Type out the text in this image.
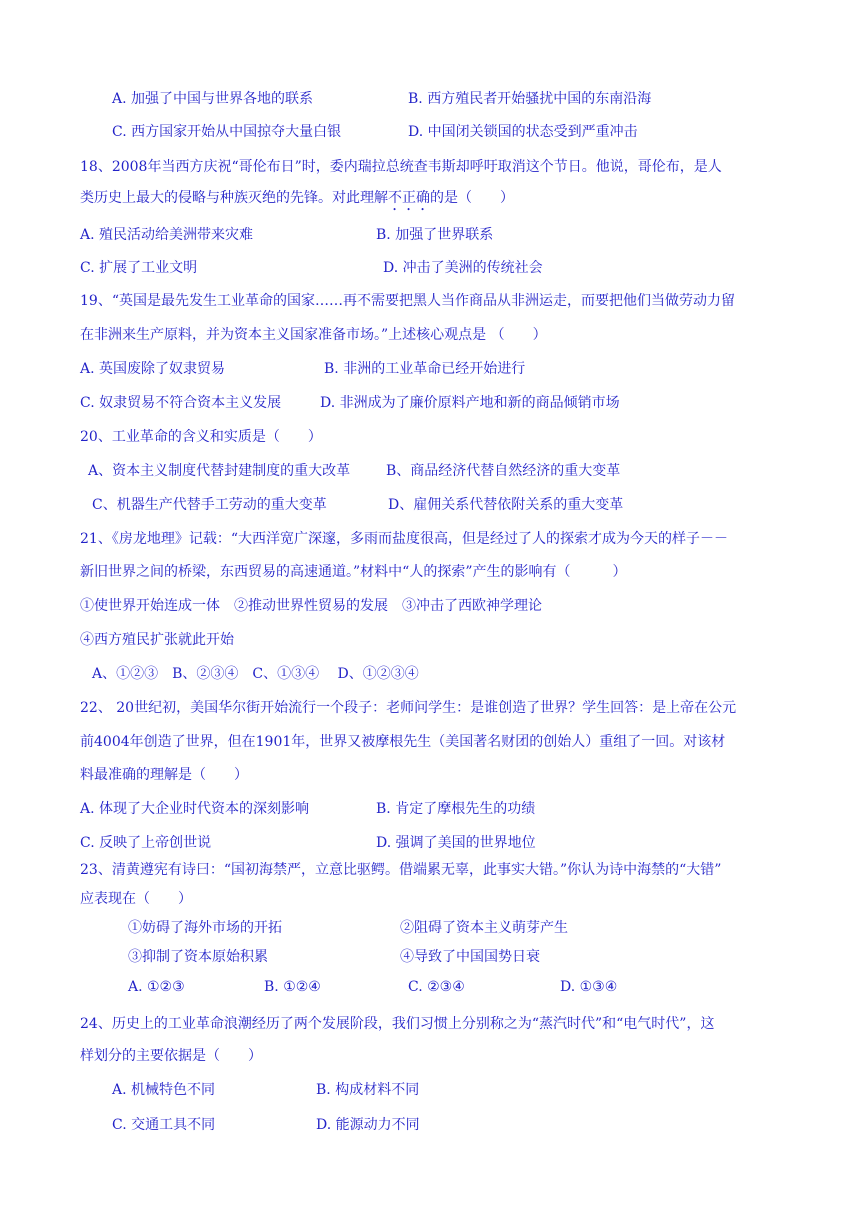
A. 加强了中国与世界各地的联系	B. 西方殖民者开始骚扰中国的东南沿海
C. 西方国家开始从中国掠夺大量白银	D. 中国闭关锁国的状态受到严重冲击
18、2008年当西方庆祝“哥伦布日”时，委内瑞拉总统查韦斯却呼吁取消这个节日。他说，哥伦布，是人
类历史上最大的侵略与种族灭绝的先锋。对此理解不正确的是（　　）
A. 殖民活动给美洲带来灾难	B. 加强了世界联系
C. 扩展了工业文明	D. 冲击了美洲的传统社会
19、“英国是最先发生工业革命的国家……再不需要把黑人当作商品从非洲运走，而要把他们当做劳动力留
在非洲来生产原料，并为资本主义国家准备市场。”上述核心观点是 （　　）
A. 英国废除了奴隶贸易	B. 非洲的工业革命已经开始进行
C. 奴隶贸易不符合资本主义发展	D. 非洲成为了廉价原料产地和新的商品倾销市场
20、工业革命的含义和实质是（　　）
A、资本主义制度代替封建制度的重大改革	B、商品经济代替自然经济的重大变革
C、机器生产代替手工劳动的重大变革	D、雇佣关系代替依附关系的重大变革
21、《房龙地理》记载：“大西洋宽广深邃，多雨而盐度很高，但是经过了人的探索才成为今天的样子－－
新旧世界之间的桥梁，东西贸易的高速通道。”材料中“人的探索”产生的影响有（　　　）
①使世界开始连成一体　②推动世界性贸易的发展　③冲击了西欧神学理论
④西方殖民扩张就此开始
A、①②③　B、②③④　C、①③④　 D、①②③④
22、 20世纪初，美国华尔街开始流行一个段子：老师问学生：是谁创造了世界？学生回答：是上帝在公元
前4004年创造了世界，但在1901年，世界又被摩根先生（美国著名财团的创始人）重组了一回。对该材
料最准确的理解是（　　）
A. 体现了大企业时代资本的深刻影响	B. 肯定了摩根先生的功绩
C. 反映了上帝创世说	D. 强调了美国的世界地位
23、清黄遵宪有诗曰：“国初海禁严，立意比驱鳄。借端累无辜，此事实大错。”你认为诗中海禁的“大错”
应表现在（　　）
①妨碍了海外市场的开拓	②阻碍了资本主义萌芽产生
③抑制了资本原始积累	④导致了中国国势日衰
A. ①②③	B. ①②④	C. ②③④	D. ①③④
24、历史上的工业革命浪潮经历了两个发展阶段，我们习惯上分别称之为“蒸汽时代”和“电气时代”，这
样划分的主要依据是（　　）
A. 机械特色不同	B. 构成材料不同
C. 交通工具不同	D. 能源动力不同
